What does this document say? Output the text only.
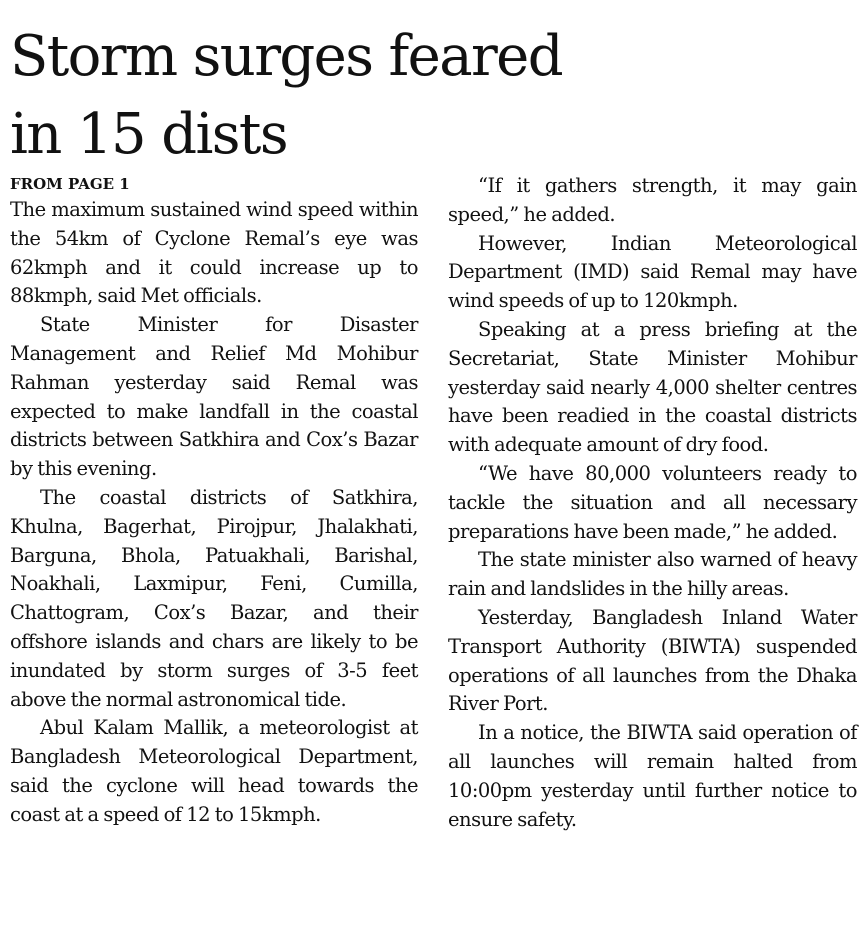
Storm surges feared
in 15 dists
FROM PAGE 1

The maximum sustained wind speed within the 54km of Cyclone Remal’s eye was 62kmph and it could increase up to 88kmph, said Met officials.

State Minister for Disaster Management and Relief Md Mohibur Rahman yesterday said Remal was expected to make landfall in the coastal districts between Satkhira and Cox’s Bazar by this evening.

The coastal districts of Satkhira, Khulna, Bagerhat, Pirojpur, Jhalakhati, Barguna, Bhola, Patuakhali, Barishal, Noakhali, Laxmipur, Feni, Cumilla, Chattogram, Cox’s Bazar, and their offshore islands and chars are likely to be inundated by storm surges of 3-5 feet above the normal astronomical tide.

Abul Kalam Mallik, a meteorologist at Bangladesh Meteorological Department, said the cyclone will head towards the coast at a speed of 12 to 15kmph.

“If it gathers strength, it may gain speed,” he added.

However, Indian Meteorological Department (IMD) said Remal may have wind speeds of up to 120kmph.

Speaking at a press briefing at the Secretariat, State Minister Mohibur yesterday said nearly 4,000 shelter centres have been readied in the coastal districts with adequate amount of dry food.

“We have 80,000 volunteers ready to tackle the situation and all necessary preparations have been made,” he added.

The state minister also warned of heavy rain and landslides in the hilly areas.

Yesterday, Bangladesh Inland Water Transport Authority (BIWTA) suspended operations of all launches from the Dhaka River Port.

In a notice, the BIWTA said operation of all launches will remain halted from 10:00pm yesterday until further notice to ensure safety.
